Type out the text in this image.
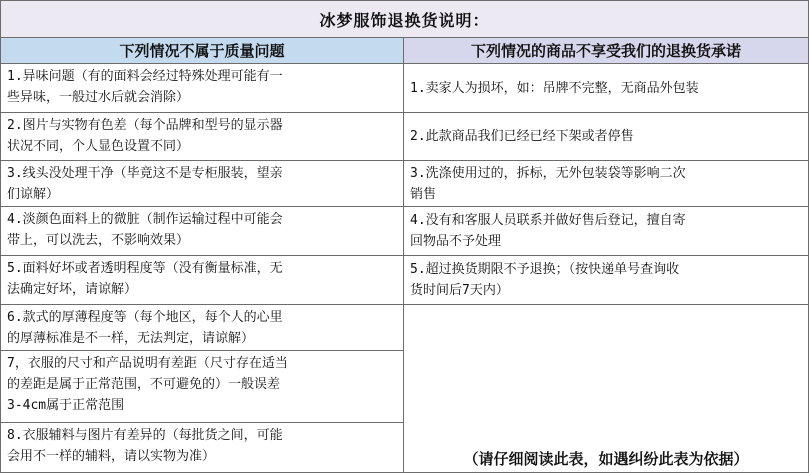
冰梦服饰退换货说明：
下列情况不属于质量问题	下列情况的商品不享受我们的退换货承诺
1.异味问题（有的面料会经过特殊处理可能有一
些异味，一般过水后就会消除）
2.图片与实物有色差（每个品牌和型号的显示器
状况不同，个人显色设置不同）
3.线头没处理干净（毕竟这不是专柜服装，望亲
们谅解）
4.淡颜色面料上的微脏（制作运输过程中可能会
带上，可以洗去，不影响效果）
5.面料好坏或者透明程度等（没有衡量标准，无
法确定好坏，请谅解）
6.款式的厚薄程度等（每个地区，每个人的心里
的厚薄标准是不一样，无法判定，请谅解）
7，衣服的尺寸和产品说明有差距（尺寸存在适当
的差距是属于正常范围，不可避免的）一般误差
3-4cm属于正常范围
8.衣服辅料与图片有差异的（每批货之间，可能
会用不一样的辅料，请以实物为准）
1.卖家人为损坏，如：吊牌不完整，无商品外包装
2.此款商品我们已经已经下架或者停售
3.洗涤使用过的，拆标，无外包装袋等影响二次
销售
4.没有和客服人员联系并做好售后登记，擅自寄
回物品不予处理
5.超过换货期限不予退换；（按快递单号查询收
货时间后7天内）
（请仔细阅读此表，如遇纠纷此表为依据）
